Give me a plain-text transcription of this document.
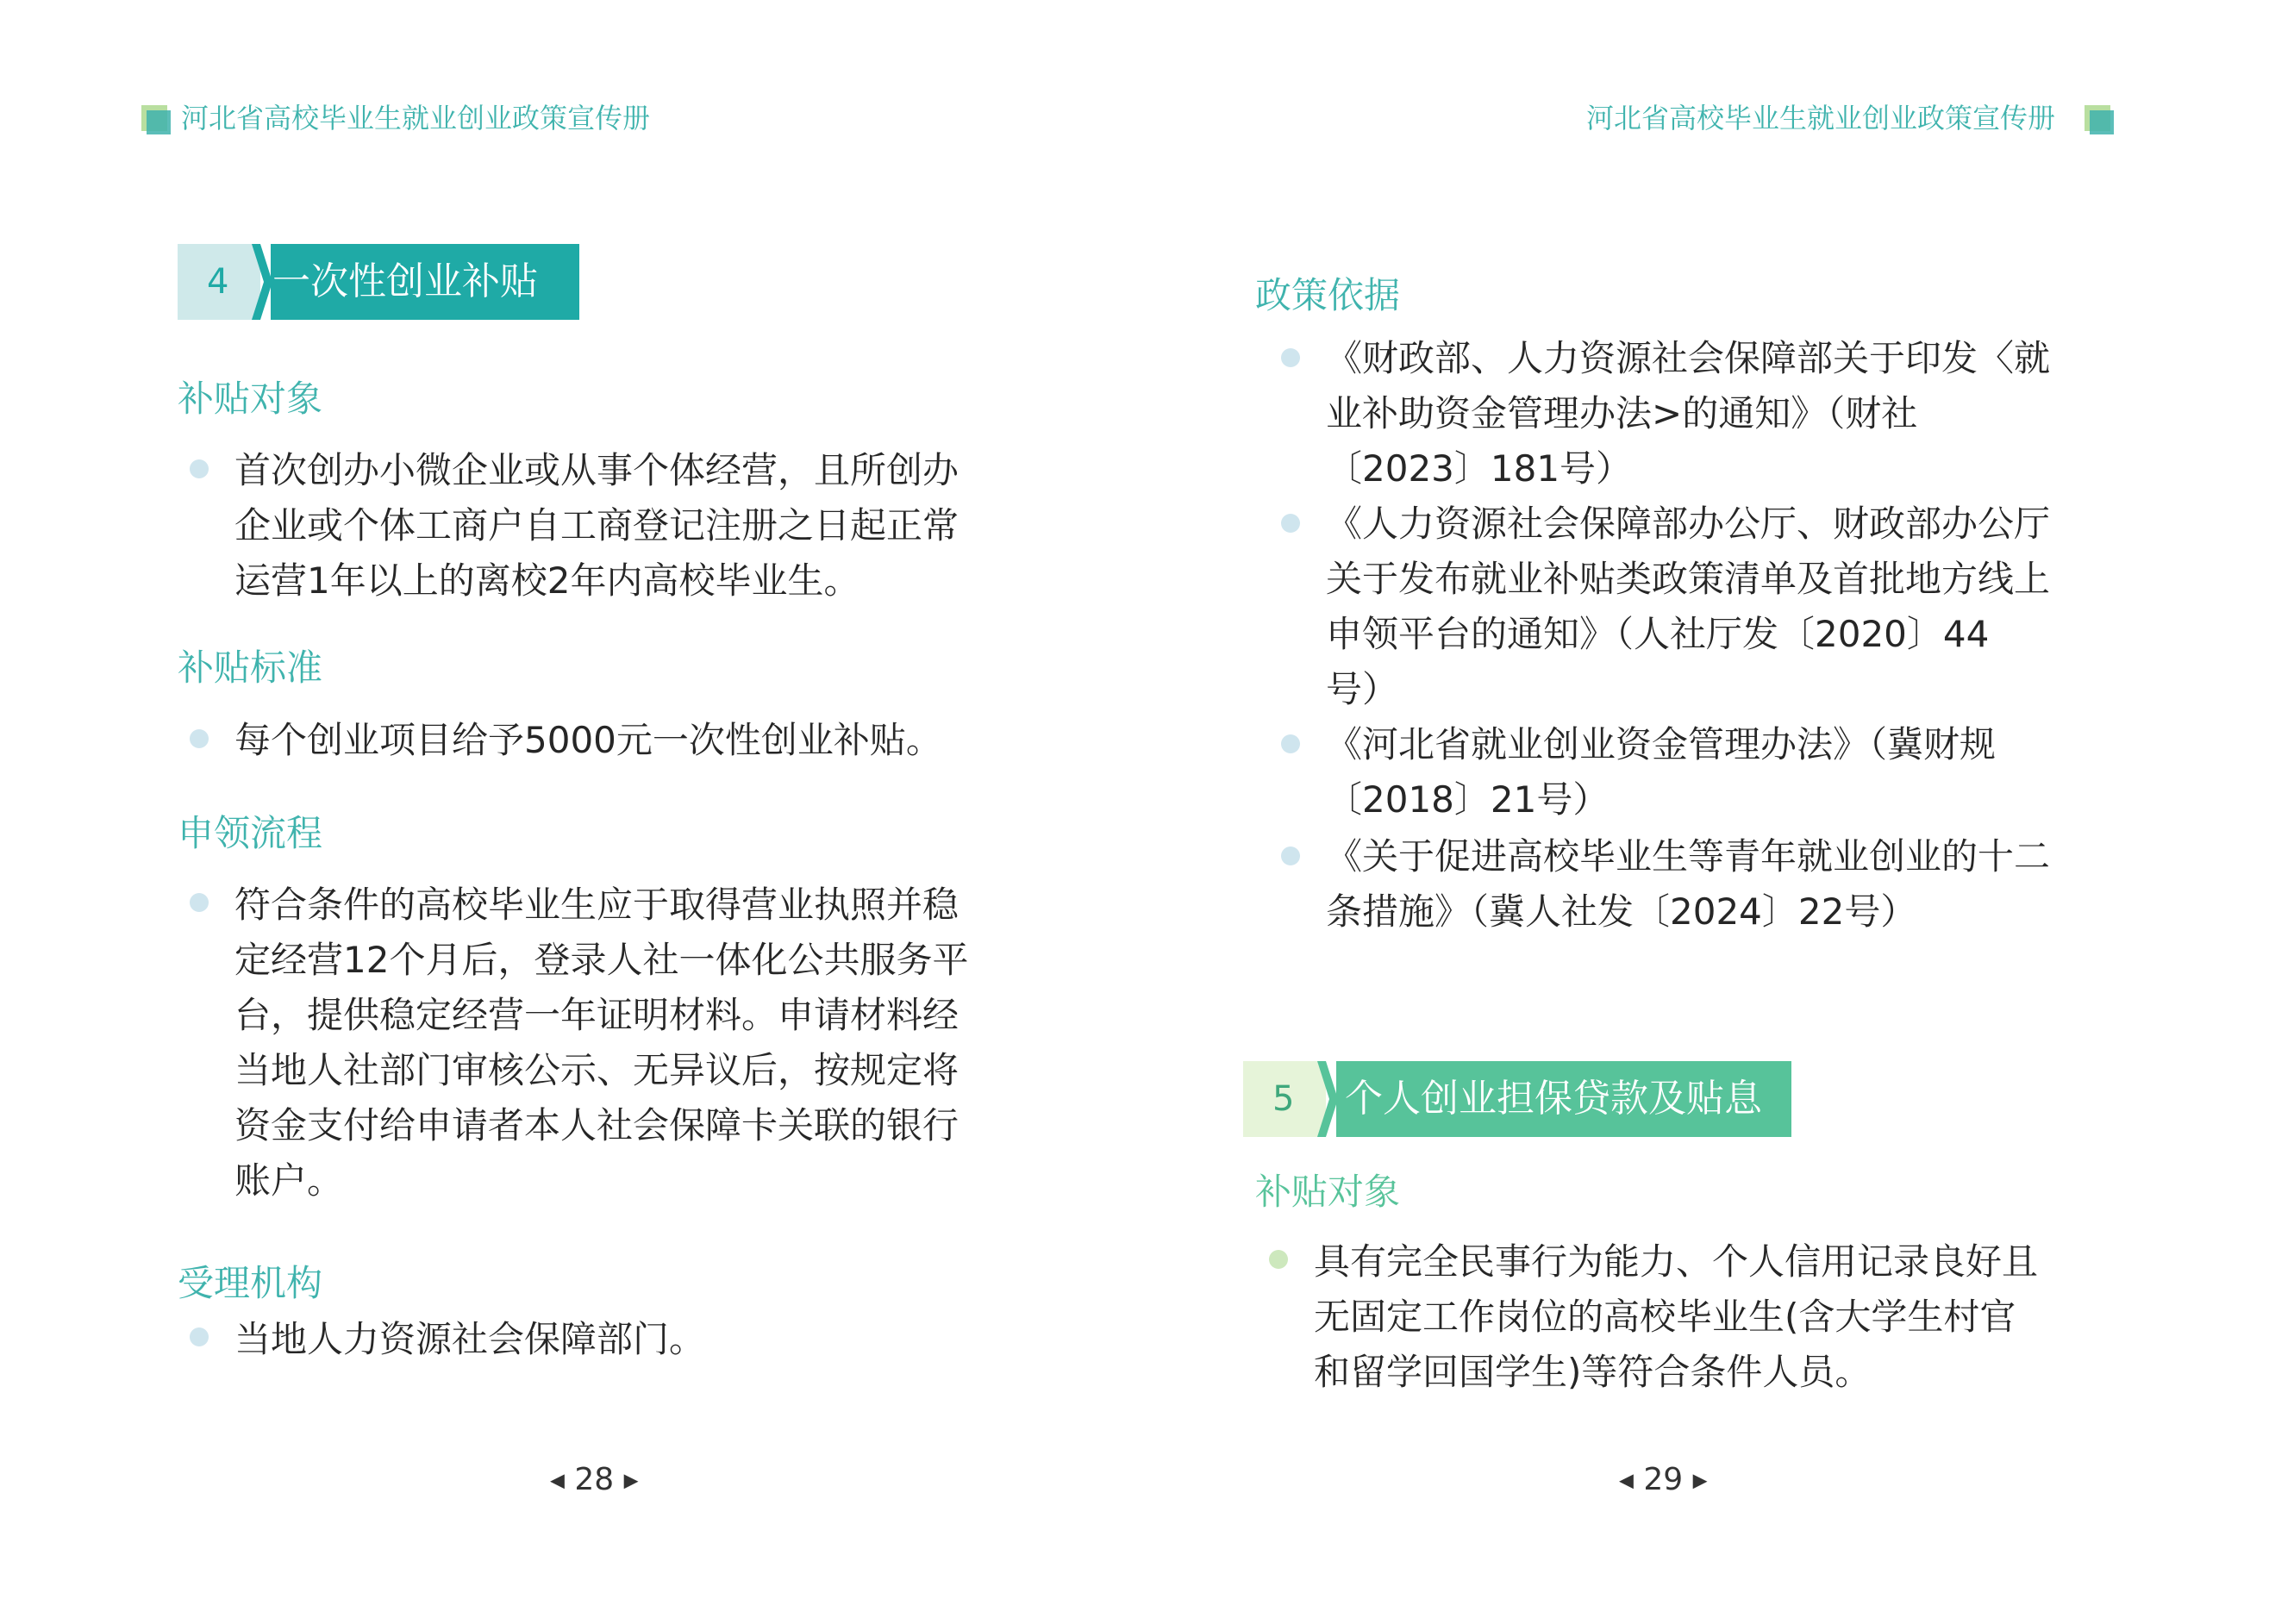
河北省高校毕业生就业创业政策宣传册	河北省高校毕业生就业创业政策宣传册
4 一次性创业补贴
补贴对象
首次创办小微企业或从事个体经营，且所创办
企业或个体工商户自工商登记注册之日起正常
运营1年以上的离校2年内高校毕业生。
补贴标准
每个创业项目给予5000元一次性创业补贴。
申领流程
符合条件的高校毕业生应于取得营业执照并稳
定经营12个月后，登录人社一体化公共服务平
台，提供稳定经营一年证明材料。申请材料经
当地人社部门审核公示、无异议后，按规定将
资金支付给申请者本人社会保障卡关联的银行
账户。
受理机构
当地人力资源社会保障部门。
◀ 28 ▶
政策依据
《财政部、人力资源社会保障部关于印发〈就
业补助资金管理办法>的通知》（财社
〔2023〕181号）
《人力资源社会保障部办公厅、财政部办公厅
关于发布就业补贴类政策清单及首批地方线上
申领平台的通知》（人社厅发〔2020〕44
号）
《河北省就业创业资金管理办法》（冀财规
〔2018〕21号）
《关于促进高校毕业生等青年就业创业的十二
条措施》（冀人社发〔2024〕22号）
5 个人创业担保贷款及贴息
补贴对象
具有完全民事行为能力、个人信用记录良好且
无固定工作岗位的高校毕业生(含大学生村官
和留学回国学生)等符合条件人员。
◀ 29 ▶
